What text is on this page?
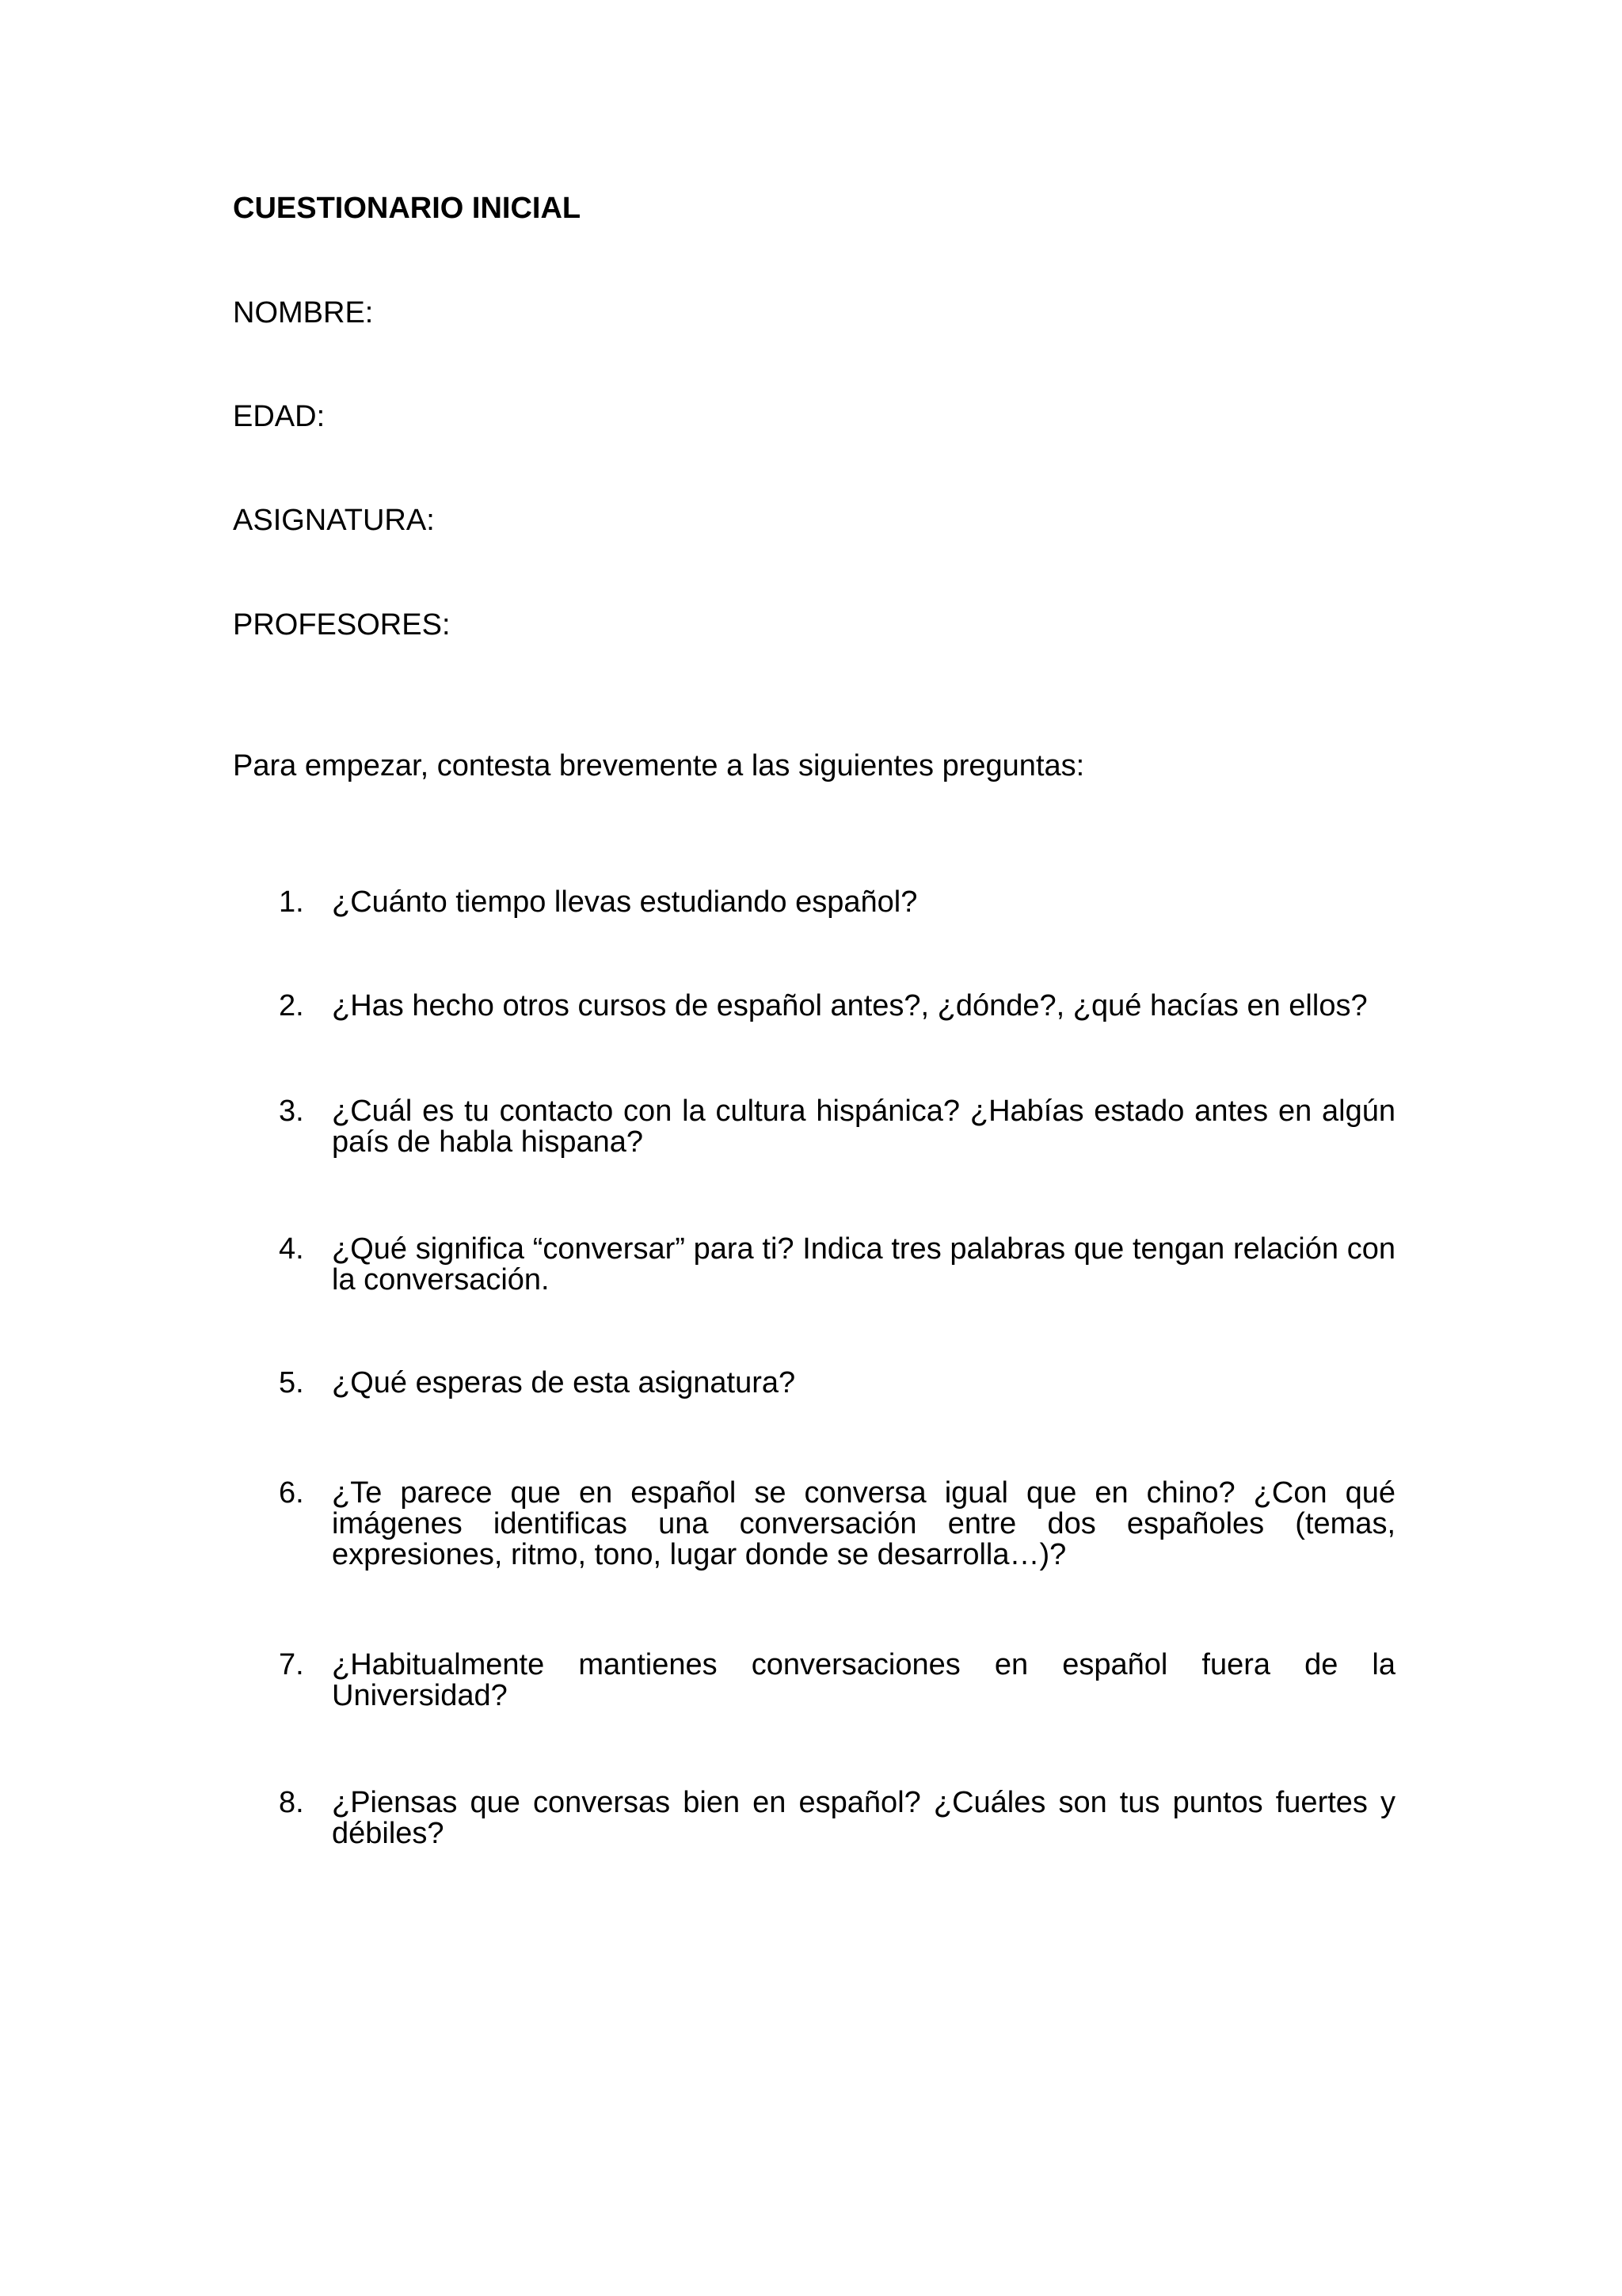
CUESTIONARIO INICIAL
NOMBRE:
EDAD:
ASIGNATURA:
PROFESORES:
Para empezar, contesta brevemente a las siguientes preguntas:
1. ¿Cuánto tiempo llevas estudiando español?
2. ¿Has hecho otros cursos de español antes?, ¿dónde?, ¿qué hacías en ellos?
3. ¿Cuál es tu contacto con la cultura hispánica? ¿Habías estado antes en algún país de habla hispana?
4. ¿Qué significa “conversar” para ti? Indica tres palabras que tengan relación con la conversación.
5. ¿Qué esperas de esta asignatura?
6. ¿Te parece que en español se conversa igual que en chino? ¿Con qué imágenes identificas una conversación entre dos españoles (temas, expresiones, ritmo, tono, lugar donde se desarrolla…)?
7. ¿Habitualmente mantienes conversaciones en español fuera de la Universidad?
8. ¿Piensas que conversas bien en español? ¿Cuáles son tus puntos fuertes y débiles?
